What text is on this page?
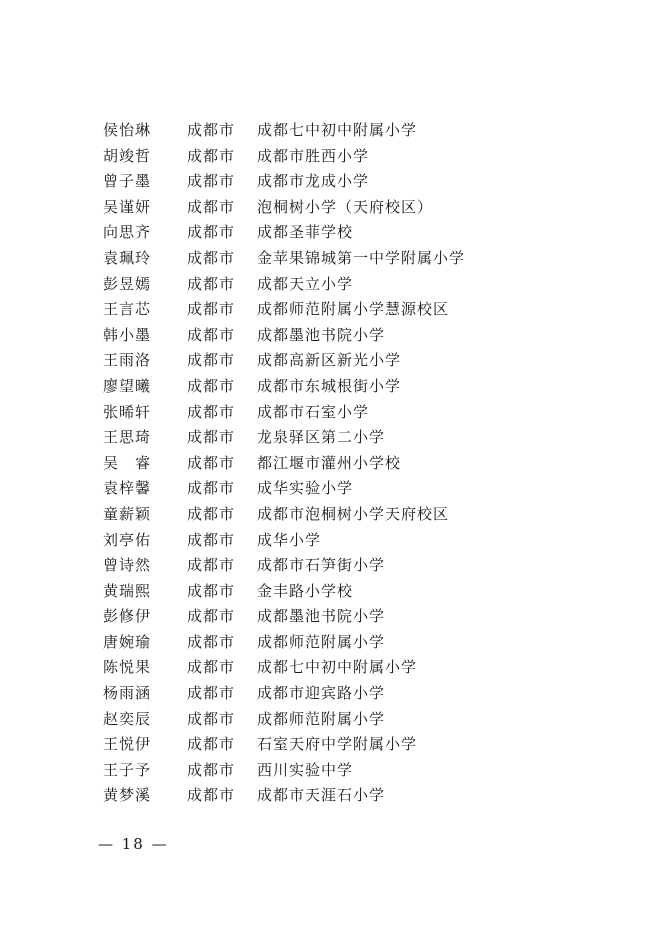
侯怡琳	成都市	成都七中初中附属小学
胡竣哲	成都市	成都市胜西小学
曾子墨	成都市	成都市龙成小学
吴谨妍	成都市	泡桐树小学（天府校区）
向思齐	成都市	成都圣菲学校
袁珮玲	成都市	金苹果锦城第一中学附属小学
彭昱嫣	成都市	成都天立小学
王言芯	成都市	成都师范附属小学慧源校区
韩小墨	成都市	成都墨池书院小学
王雨洛	成都市	成都高新区新光小学
廖望曦	成都市	成都市东城根街小学
张晞轩	成都市	成都市石室小学
王思琦	成都市	龙泉驿区第二小学
吴　睿	成都市	都江堰市灌州小学校
袁梓馨	成都市	成华实验小学
童薪颖	成都市	成都市泡桐树小学天府校区
刘亭佑	成都市	成华小学
曾诗然	成都市	成都市石笋街小学
黄瑞熙	成都市	金丰路小学校
彭修伊	成都市	成都墨池书院小学
唐婉瑜	成都市	成都师范附属小学
陈悦果	成都市	成都七中初中附属小学
杨雨涵	成都市	成都市迎宾路小学
赵奕辰	成都市	成都师范附属小学
王悦伊	成都市	石室天府中学附属小学
王子予	成都市	西川实验中学
黄梦溪	成都市	成都市天涯石小学
— 18 —
